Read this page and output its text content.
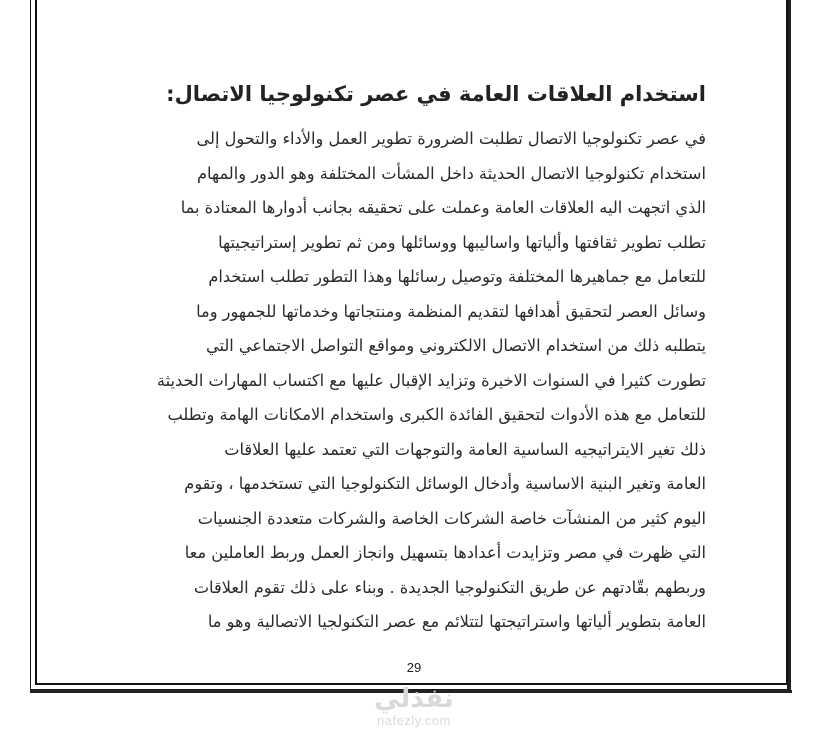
استخدام العلاقات العامة في عصر تكنولوجيا الاتصال:
في عصر تكنولوجيا الاتصال تطلبت الضرورة تطوير العمل والأداء والتحول إلى
استخدام تكنولوجيا الاتصال الحديثة داخل المشأت المختلفة وهو الدور والمهام
الذي اتجهت اليه العلاقات العامة وعملت على تحقيقه بجانب أدوارها المعتادة بما
تطلب تطوير ثقافتها وألياتها واساليبها ووسائلها ومن ثم تطوير إستراتيجيتها
للتعامل مع جماهيرها المختلفة وتوصيل رسائلها وهذا التطور تطلب استخدام
وسائل العصر لتحقيق أهدافها لتقديم المنظمة ومنتجاتها وخدماتها للجمهور وما
يتطلبه ذلك من استخدام الاتصال الالكتروني ومواقع التواصل الاجتماعي التي
تطورت كثيرا في السنوات الاخيرة وتزايد الإقبال عليها مع اكتساب المهارات الحديثة
للتعامل مع هذه الأدوات لتحقيق الفائدة الكبرى واستخدام الامكانات الهامة وتطلب
ذلك تغير الايتراتيجيه الساسية العامة والتوجهات التي تعتمد عليها العلاقات
العامة وتغير البنية الاساسية وأدخال الوسائل التكنولوجيا التي تستخدمها ، وتقوم
اليوم كثير من المنشآت خاصة الشركات الخاصة والشركات متعددة الجنسيات
التي ظهرت في مصر وتزايدت أعدادها بتسهيل وانجاز العمل وربط العاملين معا
وربطهم بقّادتهم عن طريق التكنولوجيا الجديدة . وبناء على ذلك تقوم العلاقات
العامة بتطوير ألياتها واستراتيجتها لتتلائم مع عصر التكنولجيا الاتصالية وهو ما
29
نفذلي
nafezly.com
